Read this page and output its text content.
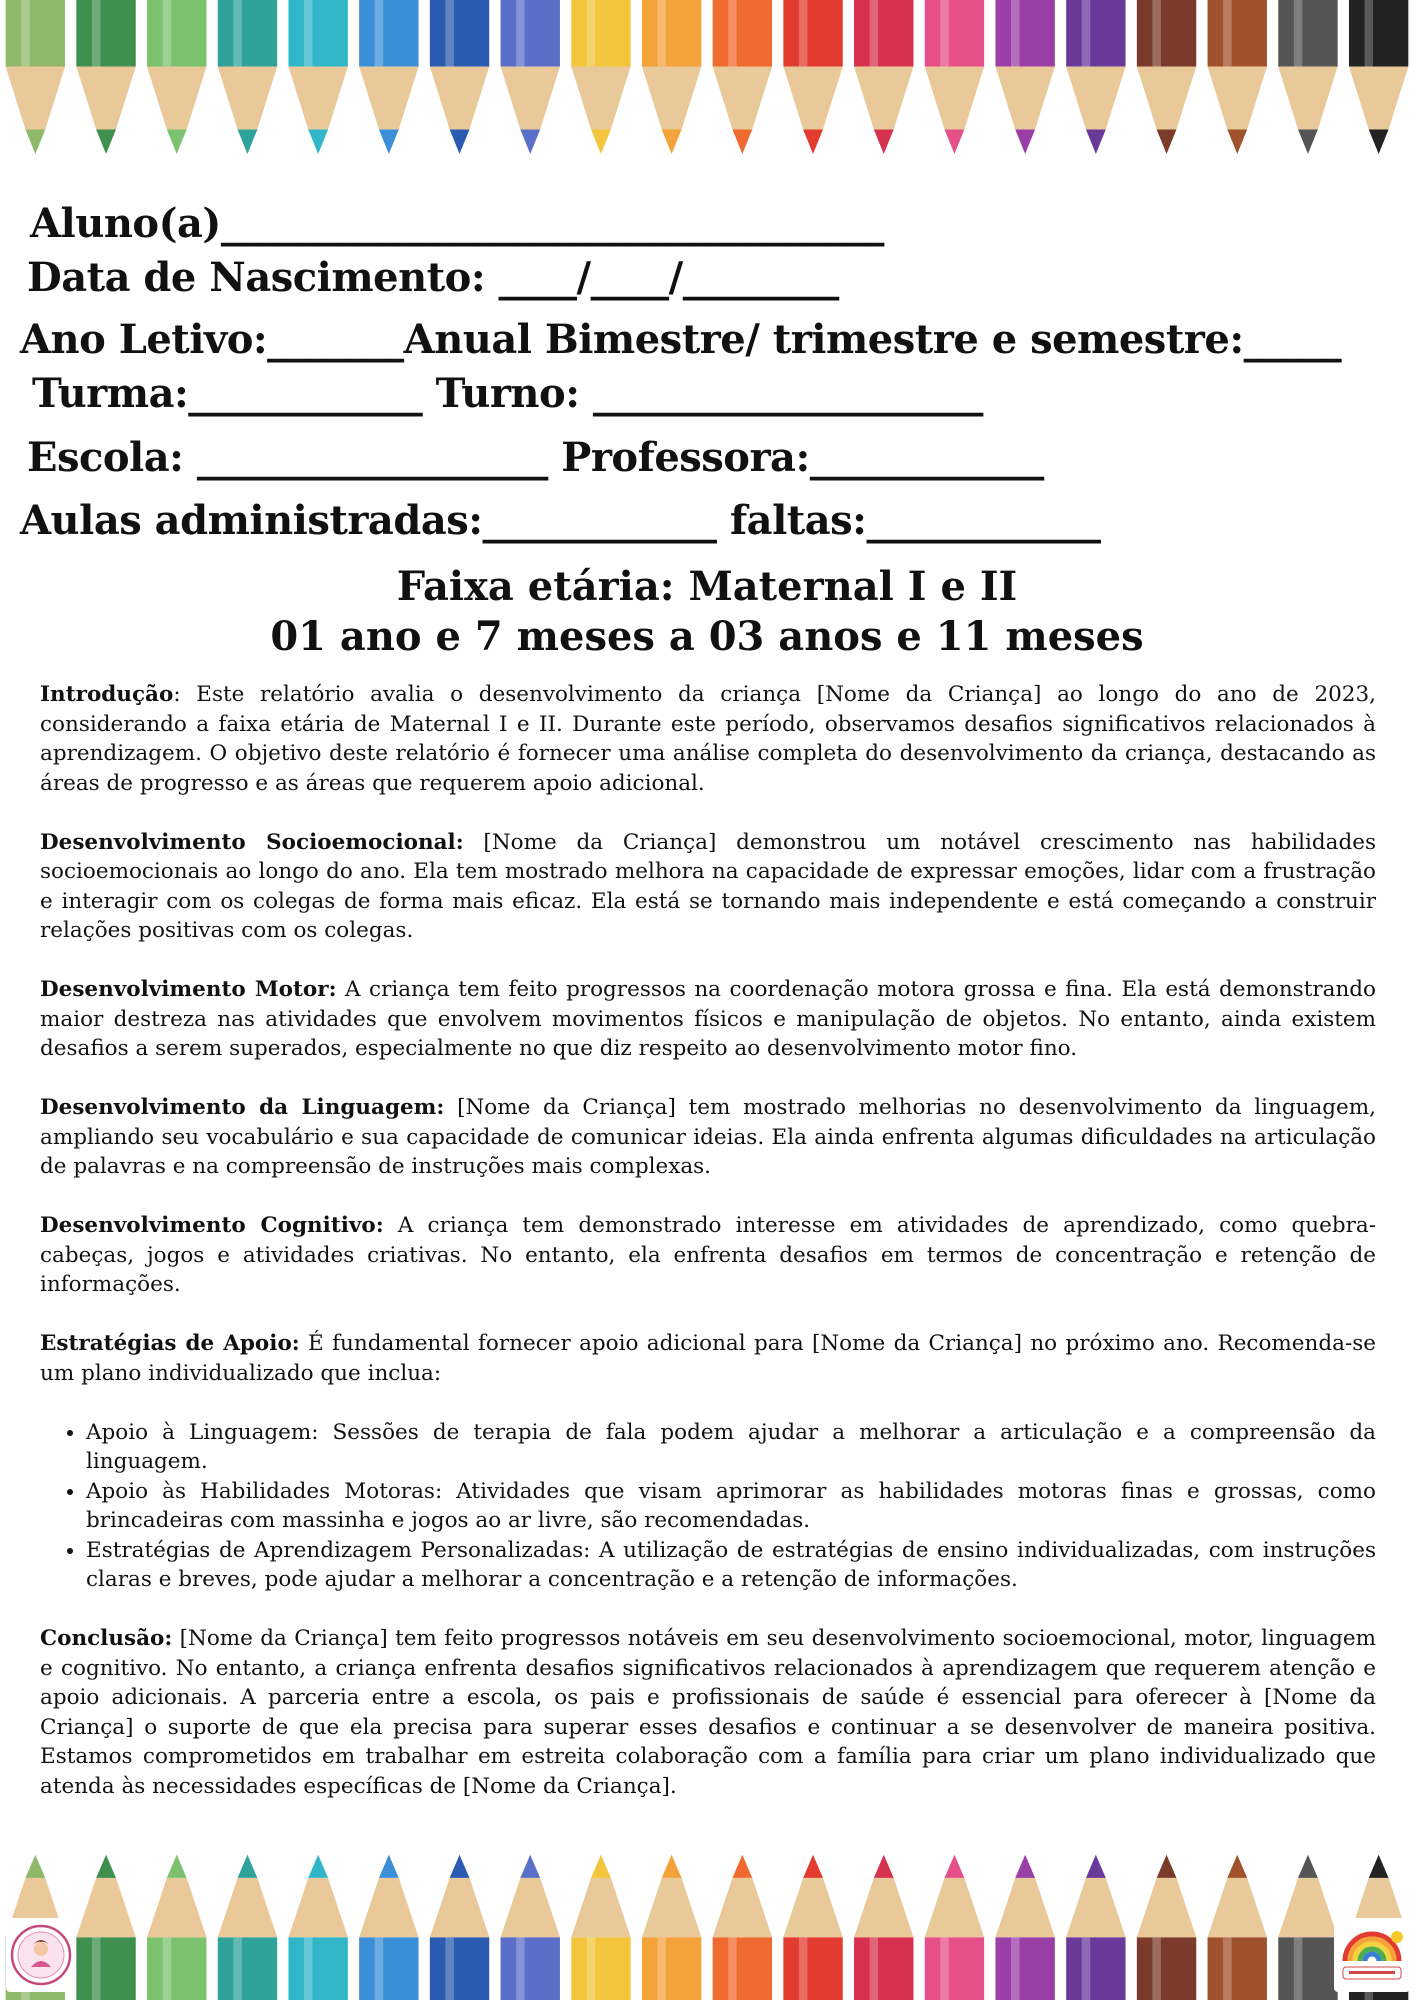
Aluno(a)__________________________________
Data de Nascimento: ____/____/________
Ano Letivo:_______Anual Bimestre/ trimestre e semestre:_____
Turma:____________ Turno: ____________________
Escola: __________________ Professora:____________
Aulas administradas:____________ faltas:____________
Faixa etária: Maternal I e II
01 ano e 7 meses a 03 anos e 11 meses

Introdução: Este relatório avalia o desenvolvimento da criança [Nome da Criança] ao longo do ano de 2023, considerando a faixa etária de Maternal I e II. Durante este período, observamos desafios significativos relacionados à aprendizagem. O objetivo deste relatório é fornecer uma análise completa do desenvolvimento da criança, destacando as áreas de progresso e as áreas que requerem apoio adicional.

Desenvolvimento Socioemocional: [Nome da Criança] demonstrou um notável crescimento nas habilidades socioemocionais ao longo do ano. Ela tem mostrado melhora na capacidade de expressar emoções, lidar com a frustração e interagir com os colegas de forma mais eficaz. Ela está se tornando mais independente e está começando a construir relações positivas com os colegas.

Desenvolvimento Motor: A criança tem feito progressos na coordenação motora grossa e fina. Ela está demonstrando maior destreza nas atividades que envolvem movimentos físicos e manipulação de objetos. No entanto, ainda existem desafios a serem superados, especialmente no que diz respeito ao desenvolvimento motor fino.

Desenvolvimento da Linguagem: [Nome da Criança] tem mostrado melhorias no desenvolvimento da linguagem, ampliando seu vocabulário e sua capacidade de comunicar ideias. Ela ainda enfrenta algumas dificuldades na articulação de palavras e na compreensão de instruções mais complexas.

Desenvolvimento Cognitivo: A criança tem demonstrado interesse em atividades de aprendizado, como quebra-cabeças, jogos e atividades criativas. No entanto, ela enfrenta desafios em termos de concentração e retenção de informações.

Estratégias de Apoio: É fundamental fornecer apoio adicional para [Nome da Criança] no próximo ano. Recomenda-se um plano individualizado que inclua:

• Apoio à Linguagem: Sessões de terapia de fala podem ajudar a melhorar a articulação e a compreensão da linguagem.
• Apoio às Habilidades Motoras: Atividades que visam aprimorar as habilidades motoras finas e grossas, como brincadeiras com massinha e jogos ao ar livre, são recomendadas.
• Estratégias de Aprendizagem Personalizadas: A utilização de estratégias de ensino individualizadas, com instruções claras e breves, pode ajudar a melhorar a concentração e a retenção de informações.

Conclusão: [Nome da Criança] tem feito progressos notáveis em seu desenvolvimento socioemocional, motor, linguagem e cognitivo. No entanto, a criança enfrenta desafios significativos relacionados à aprendizagem que requerem atenção e apoio adicionais. A parceria entre a escola, os pais e profissionais de saúde é essencial para oferecer à [Nome da Criança] o suporte de que ela precisa para superar esses desafios e continuar a se desenvolver de maneira positiva. Estamos comprometidos em trabalhar em estreita colaboração com a família para criar um plano individualizado que atenda às necessidades específicas de [Nome da Criança].
